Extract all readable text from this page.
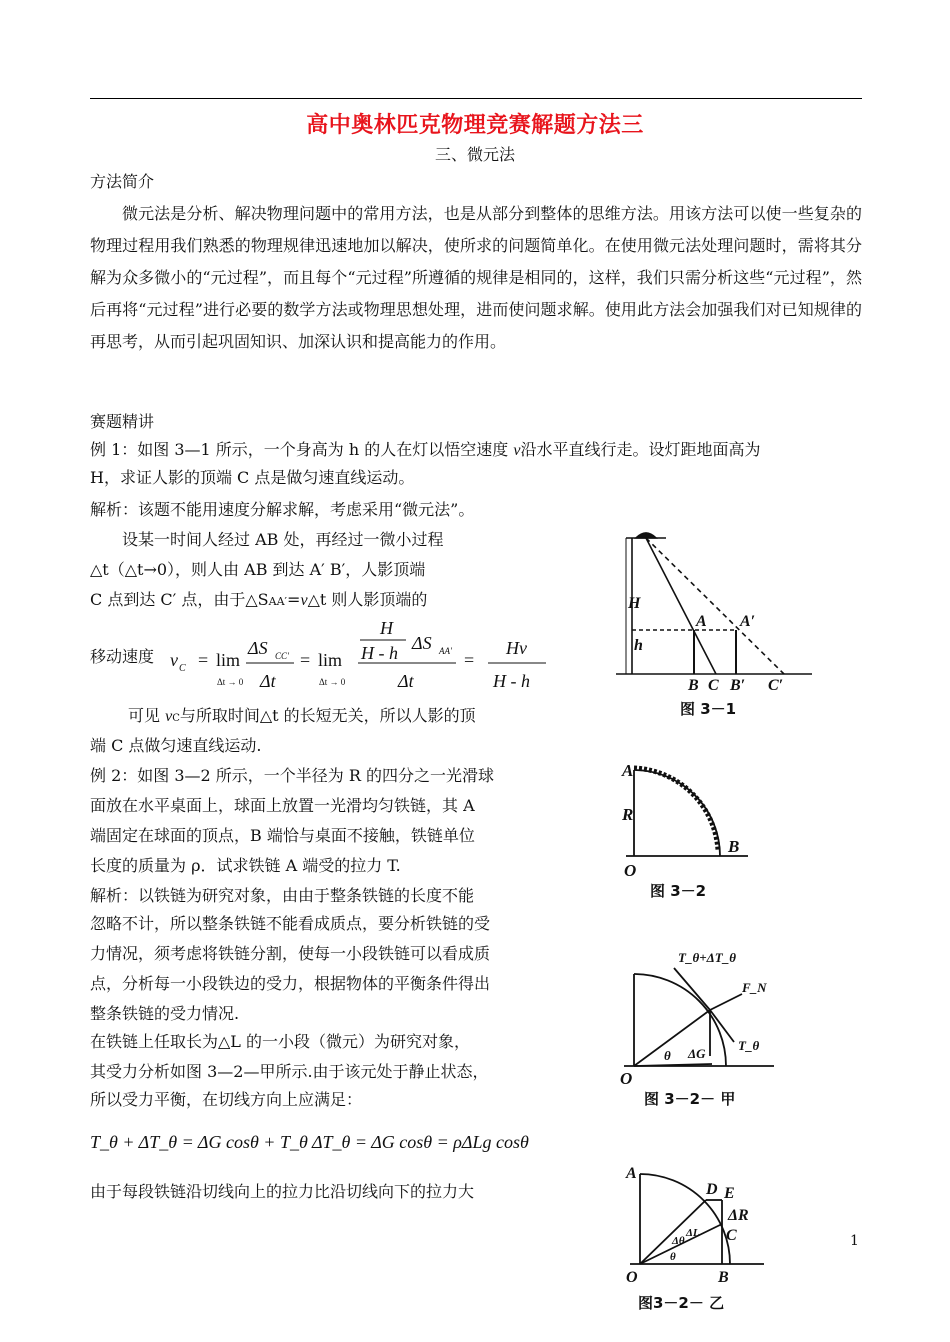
高中奥林匹克物理竞赛解题方法三
三、微元法
方法简介
微元法是分析、解决物理问题中的常用方法，也是从部分到整体的思维方法。用该方法可以使一些复杂的物理过程用我们熟悉的物理规律迅速地加以解决，使所求的问题简单化。在使用微元法处理问题时，需将其分解为众多微小的“元过程”，而且每个“元过程”所遵循的规律是相同的，这样，我们只需分析这些“元过程”，然后再将“元过程”进行必要的数学方法或物理思想处理，进而使问题求解。使用此方法会加强我们对已知规律的再思考，从而引起巩固知识、加深认识和提高能力的作用。
赛题精讲
例 1：如图 3—1 所示，一个身高为 h 的人在灯以悟空速度 v沿水平直线行走。设灯距地面高为
H，求证人影的顶端 C 点是做匀速直线运动。
解析：该题不能用速度分解求解，考虑采用“微元法”。
设某一时间人经过 AB 处，再经过一微小过程
△t（△t→0），则人由 AB 到达 A′ B′，人影顶端
C 点到达 C′ 点，由于△SAA′=v△t 则人影顶端的
移动速度 v C = lim
Δt → 0
ΔS CC′
Δt
= lim
Δt → 0
H
H - h ΔS AA′
Δt
=
Hv
H - h
可见 vC与所取时间△t 的长短无关，所以人影的顶
端 C 点做匀速直线运动.
例 2：如图 3—2 所示，一个半径为 R 的四分之一光滑球
面放在水平桌面上，球面上放置一光滑均匀铁链，其 A
端固定在球面的顶点，B 端恰与桌面不接触，铁链单位
长度的质量为 ρ．试求铁链 A 端受的拉力 T.
解析：以铁链为研究对象，由由于整条铁链的长度不能
忽略不计，所以整条铁链不能看成质点，要分析铁链的受
力情况，须考虑将铁链分割，使每一小段铁链可以看成质
点，分析每一小段铁边的受力，根据物体的平衡条件得出
整条铁链的受力情况.
在铁链上任取长为△L 的一小段（微元）为研究对象，
其受力分析如图 3—2—甲所示.由于该元处于静止状态，
所以受力平衡，在切线方向上应满足：
T_θ + ΔT_θ = ΔG cosθ + T_θ ΔT_θ = ΔG cosθ = ρΔLg cosθ
由于每段铁链沿切线向上的拉力比沿切线向下的拉力大
H
h
A A′
B C B′ C′
图 3－1
A
R
B
O
图 3－2
T_θ+ΔT_θ
F_N
T_θ
ΔG
θ
O
图 3－2－ 甲
A
D E
ΔR
C
ΔL
Δθ
θ
O	B
图3－2－ 乙
1
